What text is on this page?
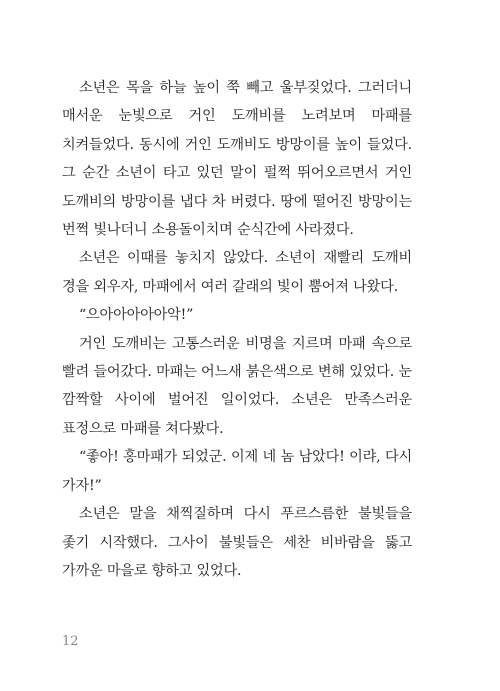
소년은 목을 하늘 높이 쭉 빼고 울부짖었다. 그러더니 매서운 눈빛으로 거인 도깨비를 노려보며 마패를 치켜들었다. 동시에 거인 도깨비도 방망이를 높이 들었다. 그 순간 소년이 타고 있던 말이 펄쩍 뛰어오르면서 거인 도깨비의 방망이를 냅다 차 버렸다. 땅에 떨어진 방망이는 번쩍 빛나더니 소용돌이치며 순식간에 사라졌다.

소년은 이때를 놓치지 않았다. 소년이 재빨리 도깨비 경을 외우자, 마패에서 여러 갈래의 빛이 뿜어져 나왔다.

“으아아아아아악!”

거인 도깨비는 고통스러운 비명을 지르며 마패 속으로 빨려 들어갔다. 마패는 어느새 붉은색으로 변해 있었다. 눈 깜짝할 사이에 벌어진 일이었다. 소년은 만족스러운 표정으로 마패를 쳐다봤다.

“좋아! 홍마패가 되었군. 이제 네 놈 남았다! 이랴, 다시 가자!”

소년은 말을 채찍질하며 다시 푸르스름한 불빛들을 좇기 시작했다. 그사이 불빛들은 세찬 비바람을 뚫고 가까운 마을로 향하고 있었다.

12
